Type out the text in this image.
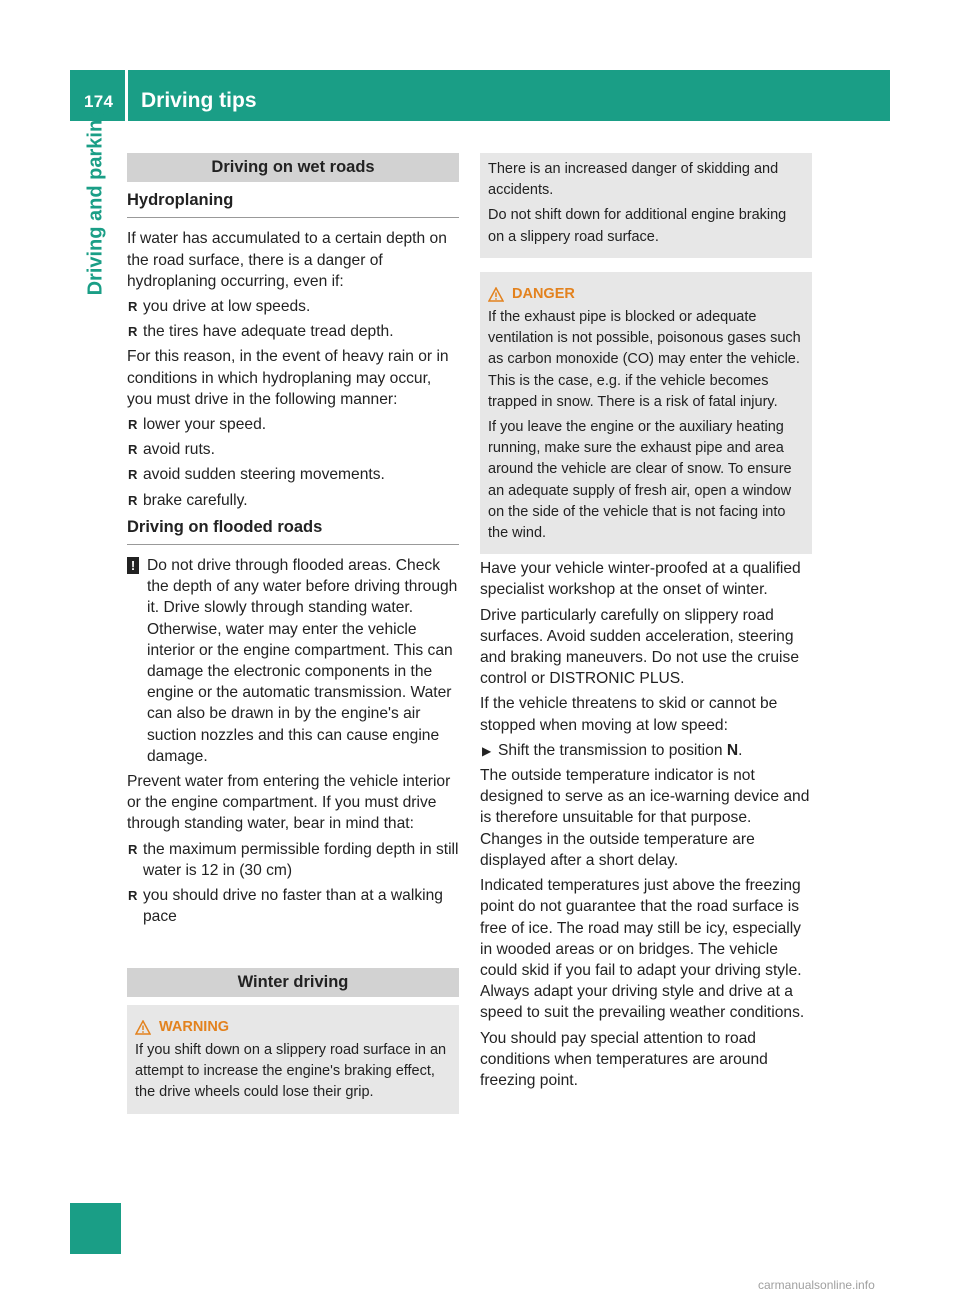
174 Driving tips
Driving and parking	Driving on wet roads
Hydroplaning

If water has accumulated to a certain depth on the road surface, there is a danger of hydroplaning occurring, even if:

R you drive at low speeds.
R the tires have adequate tread depth.

For this reason, in the event of heavy rain or in conditions in which hydroplaning may occur, you must drive in the following manner:

R lower your speed.
R avoid ruts.
R avoid sudden steering movements.
R brake carefully.
Driving on flooded roads
! Do not drive through flooded areas. Check the depth of any water before driving through it. Drive slowly through standing water. Otherwise, water may enter the vehicle interior or the engine compartment. This can damage the electronic components in the engine or the automatic transmission. Water can also be drawn in by the engine's air suction nozzles and this can cause engine damage.

Prevent water from entering the vehicle interior or the engine compartment. If you must drive through standing water, bear in mind that:

R the maximum permissible fording depth in still water is 12 in (30 cm)
R you should drive no faster than at a walking pace
Winter driving
WARNING

If you shift down on a slippery road surface in an attempt to increase the engine's braking effect, the drive wheels could lose their grip.

There is an increased danger of skidding and accidents.

Do not shift down for additional engine braking on a slippery road surface.

DANGER

If the exhaust pipe is blocked or adequate ventilation is not possible, poisonous gases such as carbon monoxide (CO) may enter the vehicle. This is the case, e.g. if the vehicle becomes trapped in snow. There is a risk of fatal injury.

If you leave the engine or the auxiliary heating running, make sure the exhaust pipe and area around the vehicle are clear of snow. To ensure an adequate supply of fresh air, open a window on the side of the vehicle that is not facing into the wind.

Have your vehicle winter-proofed at a qualified specialist workshop at the onset of winter.

Drive particularly carefully on slippery road surfaces. Avoid sudden acceleration, steering and braking maneuvers. Do not use the cruise control or DISTRONIC PLUS.

If the vehicle threatens to skid or cannot be stopped when moving at low speed:

▶ Shift the transmission to position N.

The outside temperature indicator is not designed to serve as an ice-warning device and is therefore unsuitable for that purpose. Changes in the outside temperature are displayed after a short delay.

Indicated temperatures just above the freezing point do not guarantee that the road surface is free of ice. The road may still be icy, especially in wooded areas or on bridges. The vehicle could skid if you fail to adapt your driving style. Always adapt your driving style and drive at a speed to suit the prevailing weather conditions.

You should pay special attention to road conditions when temperatures are around freezing point.

carmanualsonline.info
